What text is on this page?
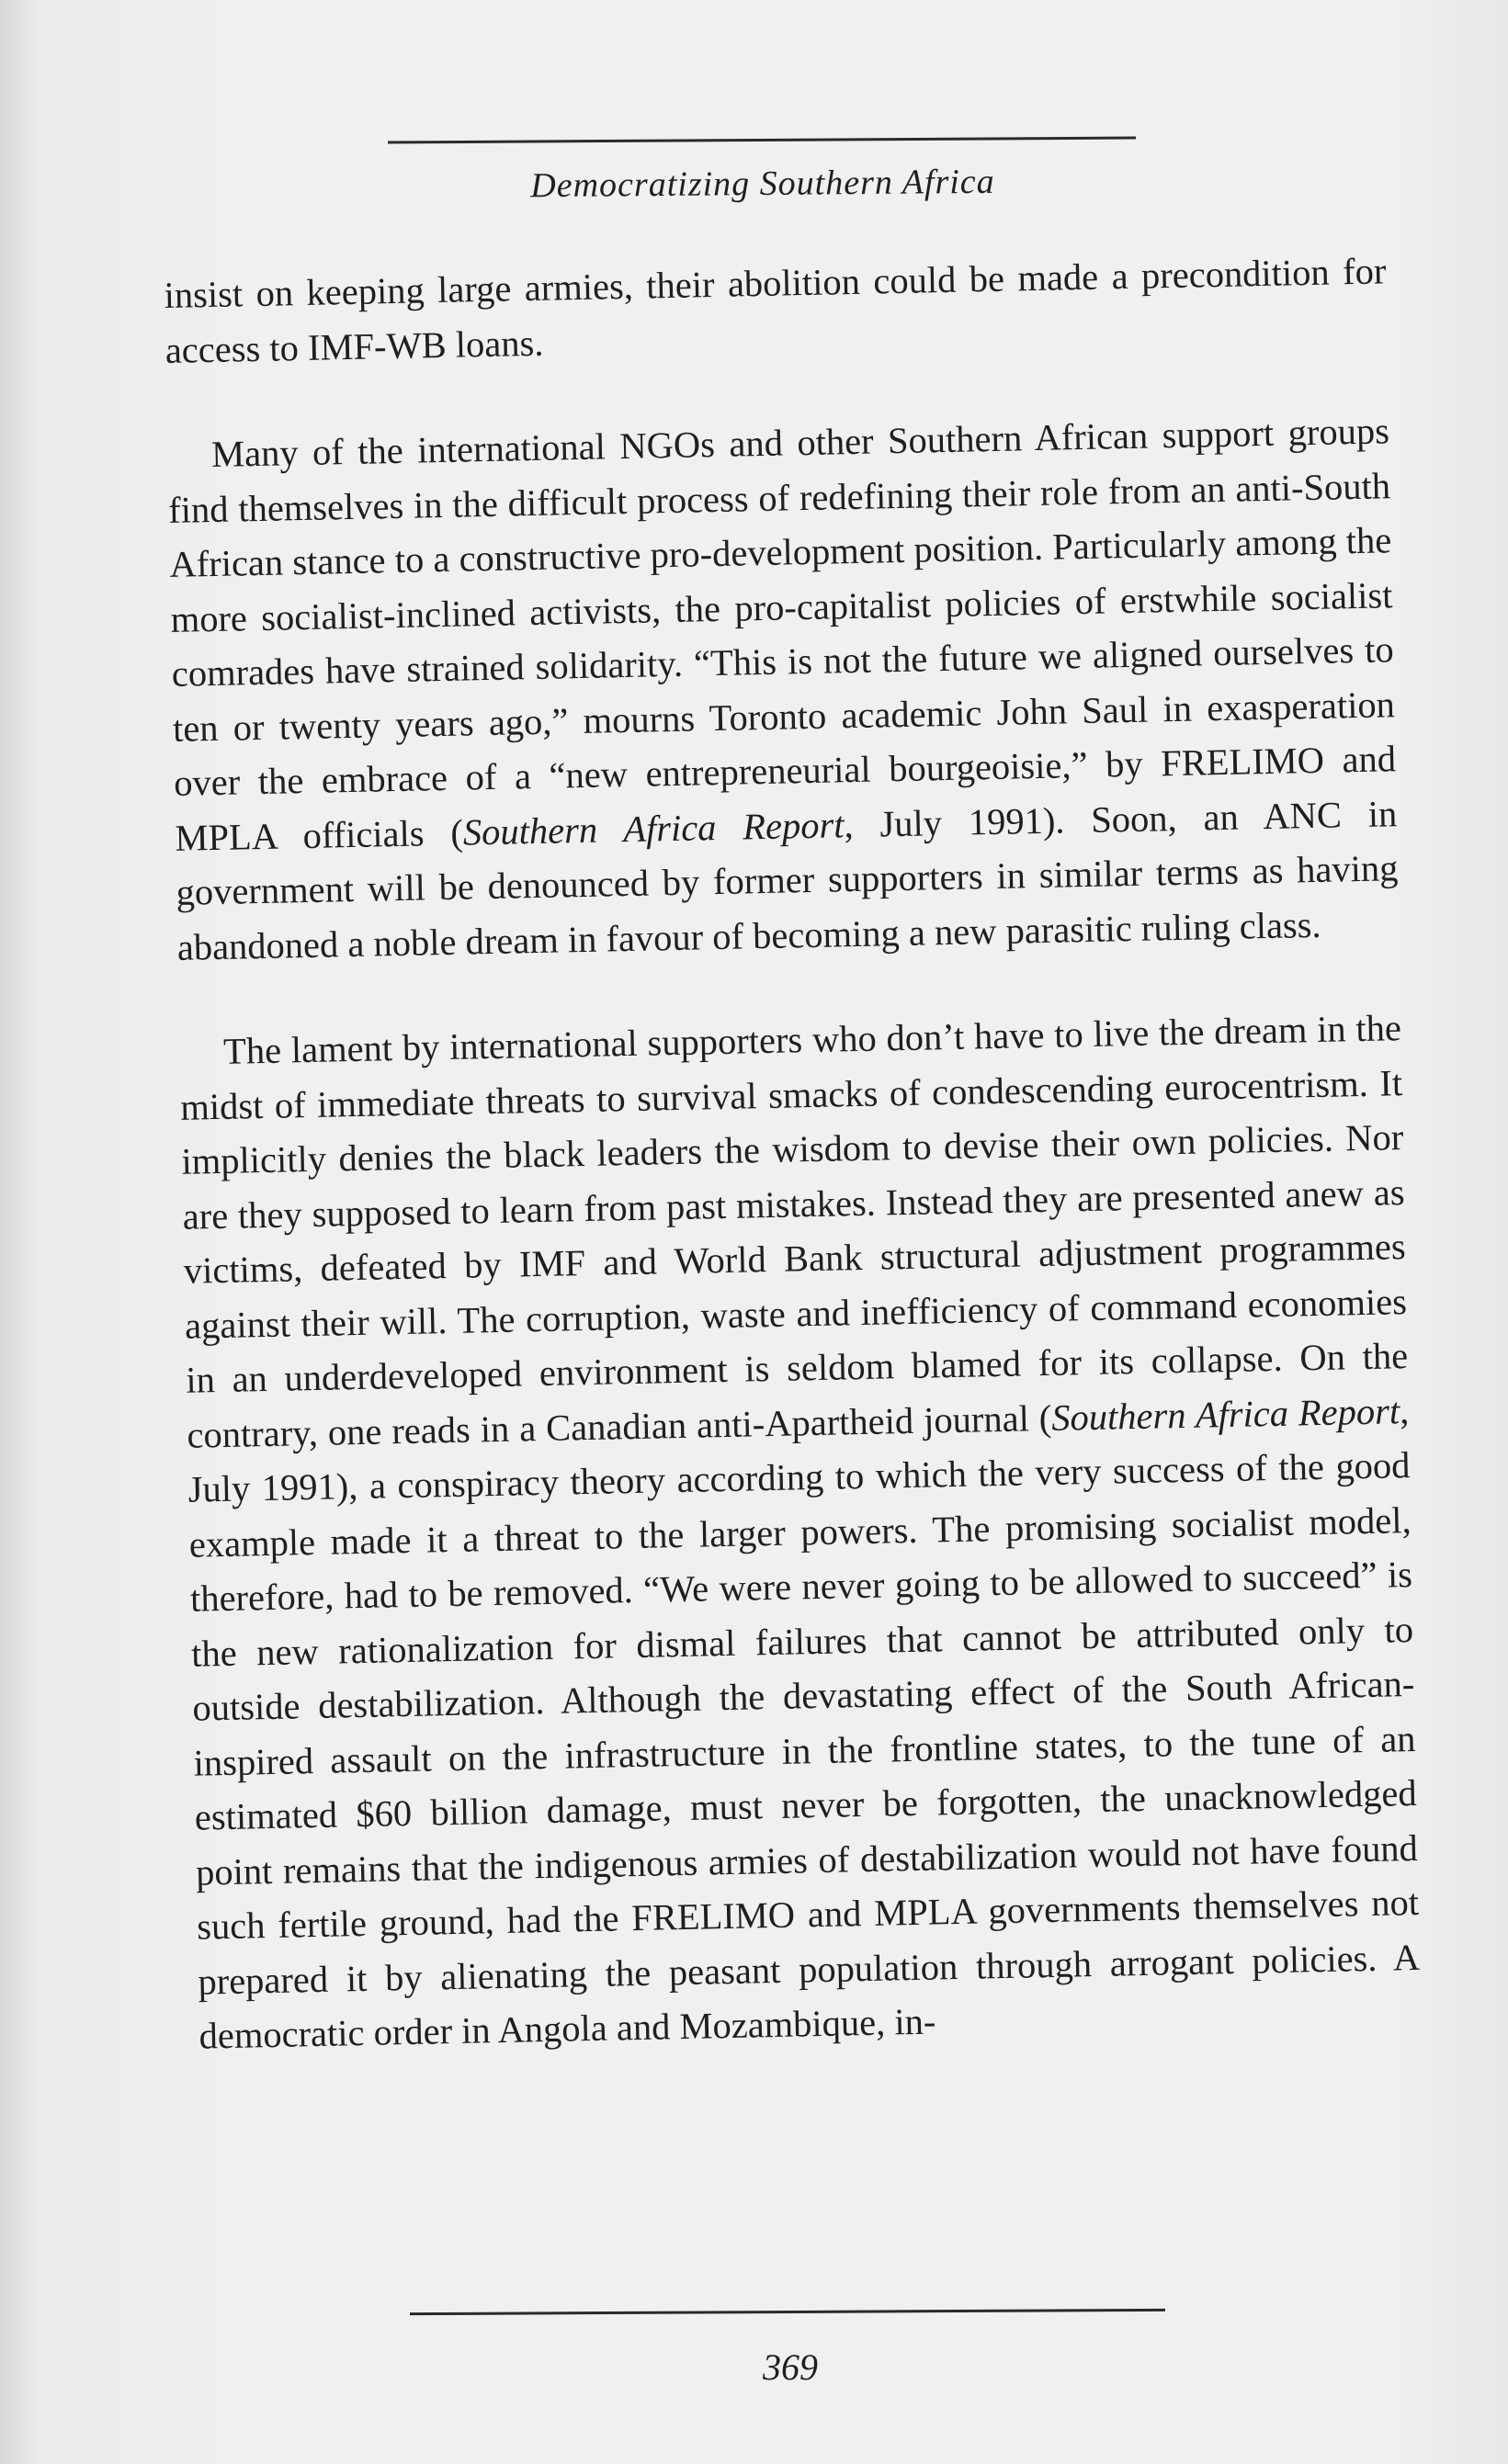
Democratizing Southern Africa

insist on keeping large armies, their abolition could be made a precondition for access to IMF-WB loans.

Many of the international NGOs and other Southern African support groups find themselves in the difficult process of redefining their role from an anti-South African stance to a constructive pro-development position. Particularly among the more socialist-inclined activists, the pro-capitalist policies of erstwhile socialist comrades have strained solidarity. “This is not the future we aligned ourselves to ten or twenty years ago,” mourns Toronto academic John Saul in exasperation over the embrace of a “new entrepreneurial bourgeoisie,” by FRELIMO and MPLA officials (Southern Africa Report, July 1991). Soon, an ANC in government will be denounced by former supporters in similar terms as having abandoned a noble dream in favour of becoming a new parasitic ruling class.

The lament by international supporters who don’t have to live the dream in the midst of immediate threats to survival smacks of condescending eurocentrism. It implicitly denies the black leaders the wisdom to devise their own policies. Nor are they supposed to learn from past mistakes. Instead they are presented anew as victims, defeated by IMF and World Bank structural adjustment programmes against their will. The corruption, waste and inefficiency of command economies in an underdeveloped environment is seldom blamed for its collapse. On the contrary, one reads in a Canadian anti-Apartheid journal (Southern Africa Report, July 1991), a conspiracy theory according to which the very success of the good example made it a threat to the larger powers. The promising socialist model, therefore, had to be removed. “We were never going to be allowed to succeed” is the new rationalization for dismal failures that cannot be attributed only to outside destabilization. Although the devastating effect of the South African-inspired assault on the infrastructure in the frontline states, to the tune of an estimated $60 billion damage, must never be forgotten, the unacknowledged point remains that the indigenous armies of destabilization would not have found such fertile ground, had the FRELIMO and MPLA governments themselves not prepared it by alienating the peasant population through arrogant policies. A democratic order in Angola and Mozambique, in-

369
